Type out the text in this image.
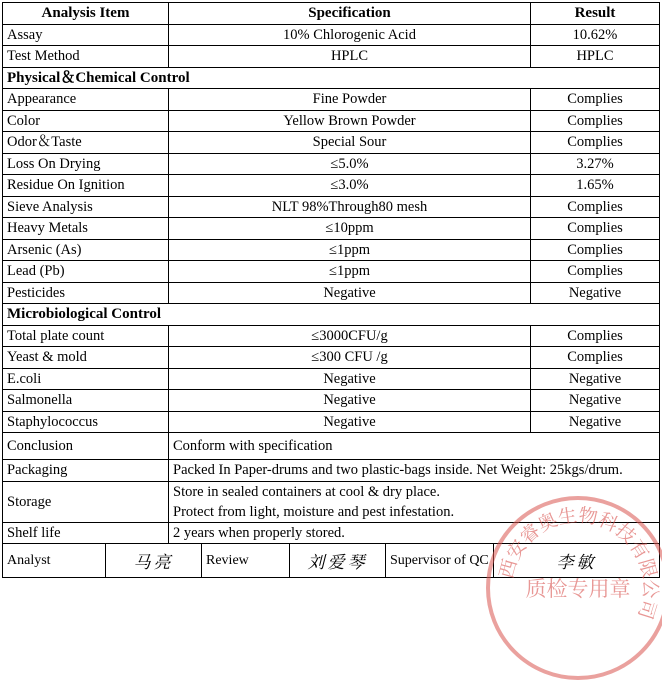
Analysis Item	Specification	Result
Assay	10% Chlorogenic Acid	10.62%
Test Method	HPLC	HPLC
Physical＆Chemical Control		
Appearance	Fine Powder	Complies
Color	Yellow Brown Powder	Complies
Odor＆Taste	Special Sour	Complies
Loss On Drying	≤5.0%	3.27%
Residue On Ignition	≤3.0%	1.65%
Sieve Analysis	NLT 98%Through80 mesh	Complies
Heavy Metals	≤10ppm	Complies
Arsenic (As)	≤1ppm	Complies
Lead (Pb)	≤1ppm	Complies
Pesticides	Negative	Negative
Microbiological Control		
Total plate count	≤3000CFU/g	Complies
Yeast & mold	≤300 CFU /g	Complies
E.coli	Negative	Negative
Salmonella	Negative	Negative
Staphylococcus	Negative	Negative
Conclusion	Conform with specification	
Packaging	Packed In Paper-drums and two plastic-bags inside. Net Weight: 25kgs/drum.	
Storage	Store in sealed containers at cool & dry place.
Protect from light, moisture and pest infestation.	

Shelf life	2 years when properly stored.	
Analyst	马亮	Review	刘爱琴	Supervisor of QC	李敏
西安睿奥生物科技有限公司
质检专用章
